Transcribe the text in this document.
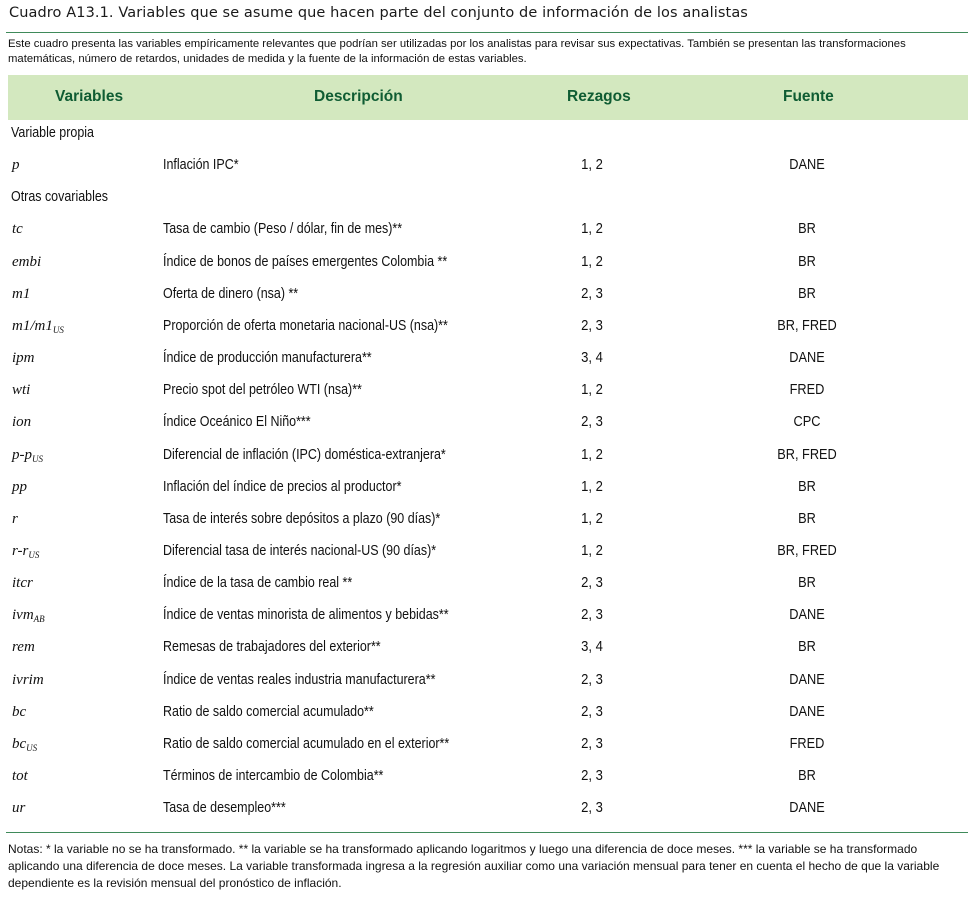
Cuadro A13.1. Variables que se asume que hacen parte del conjunto de información de los analistas
Este cuadro presenta las variables empíricamente relevantes que podrían ser utilizadas por los analistas para revisar sus expectativas. También se presentan las transformaciones matemáticas, número de retardos, unidades de medida y la fuente de la información de estas variables.
Variables	Descripción	Rezagos	Fuente
Variable propia
p	Inflación IPC*	1, 2	DANE
Otras covariables
tc	Tasa de cambio (Peso / dólar, fin de mes)**	1, 2	BR
embi	Índice de bonos de países emergentes Colombia **	1, 2	BR
m1	Oferta de dinero (nsa) **	2, 3	BR
$m1/m1_{US}$	Proporción de oferta monetaria nacional-US (nsa)**	2, 3	BR, FRED
ipm	Índice de producción manufacturera**	3, 4	DANE
wti	Precio spot del petróleo WTI (nsa)**	1, 2	FRED
ion	Índice Oceánico El Niño***	2, 3	CPC
$p-p_{US}$	Diferencial de inflación (IPC) doméstica-extranjera*	1, 2	BR, FRED
pp	Inflación del índice de precios al productor*	1, 2	BR
r	Tasa de interés sobre depósitos a plazo (90 días)*	1, 2	BR
$r-r_{US}$	Diferencial tasa de interés nacional-US (90 días)*	1, 2	BR, FRED
itcr	Índice de la tasa de cambio real **	2, 3	BR
ivm$_{AB}$	Índice de ventas minorista de alimentos y bebidas**	2, 3	DANE
rem	Remesas de trabajadores del exterior**	3, 4	BR
ivrim	Índice de ventas reales industria manufacturera**	2, 3	DANE
bc	Ratio de saldo comercial acumulado**	2, 3	DANE
$bc_{US}$	Ratio de saldo comercial acumulado en el exterior**	2, 3	FRED
tot	Términos de intercambio de Colombia**	2, 3	BR
ur	Tasa de desempleo***	2, 3	DANE
Notas: * la variable no se ha transformado. ** la variable se ha transformado aplicando logaritmos y luego una diferencia de doce meses. *** la variable se ha transformado aplicando una diferencia de doce meses. La variable transformada ingresa a la regresión auxiliar como una variación mensual para tener en cuenta el hecho de que la variable dependiente es la revisión mensual del pronóstico de inflación.
